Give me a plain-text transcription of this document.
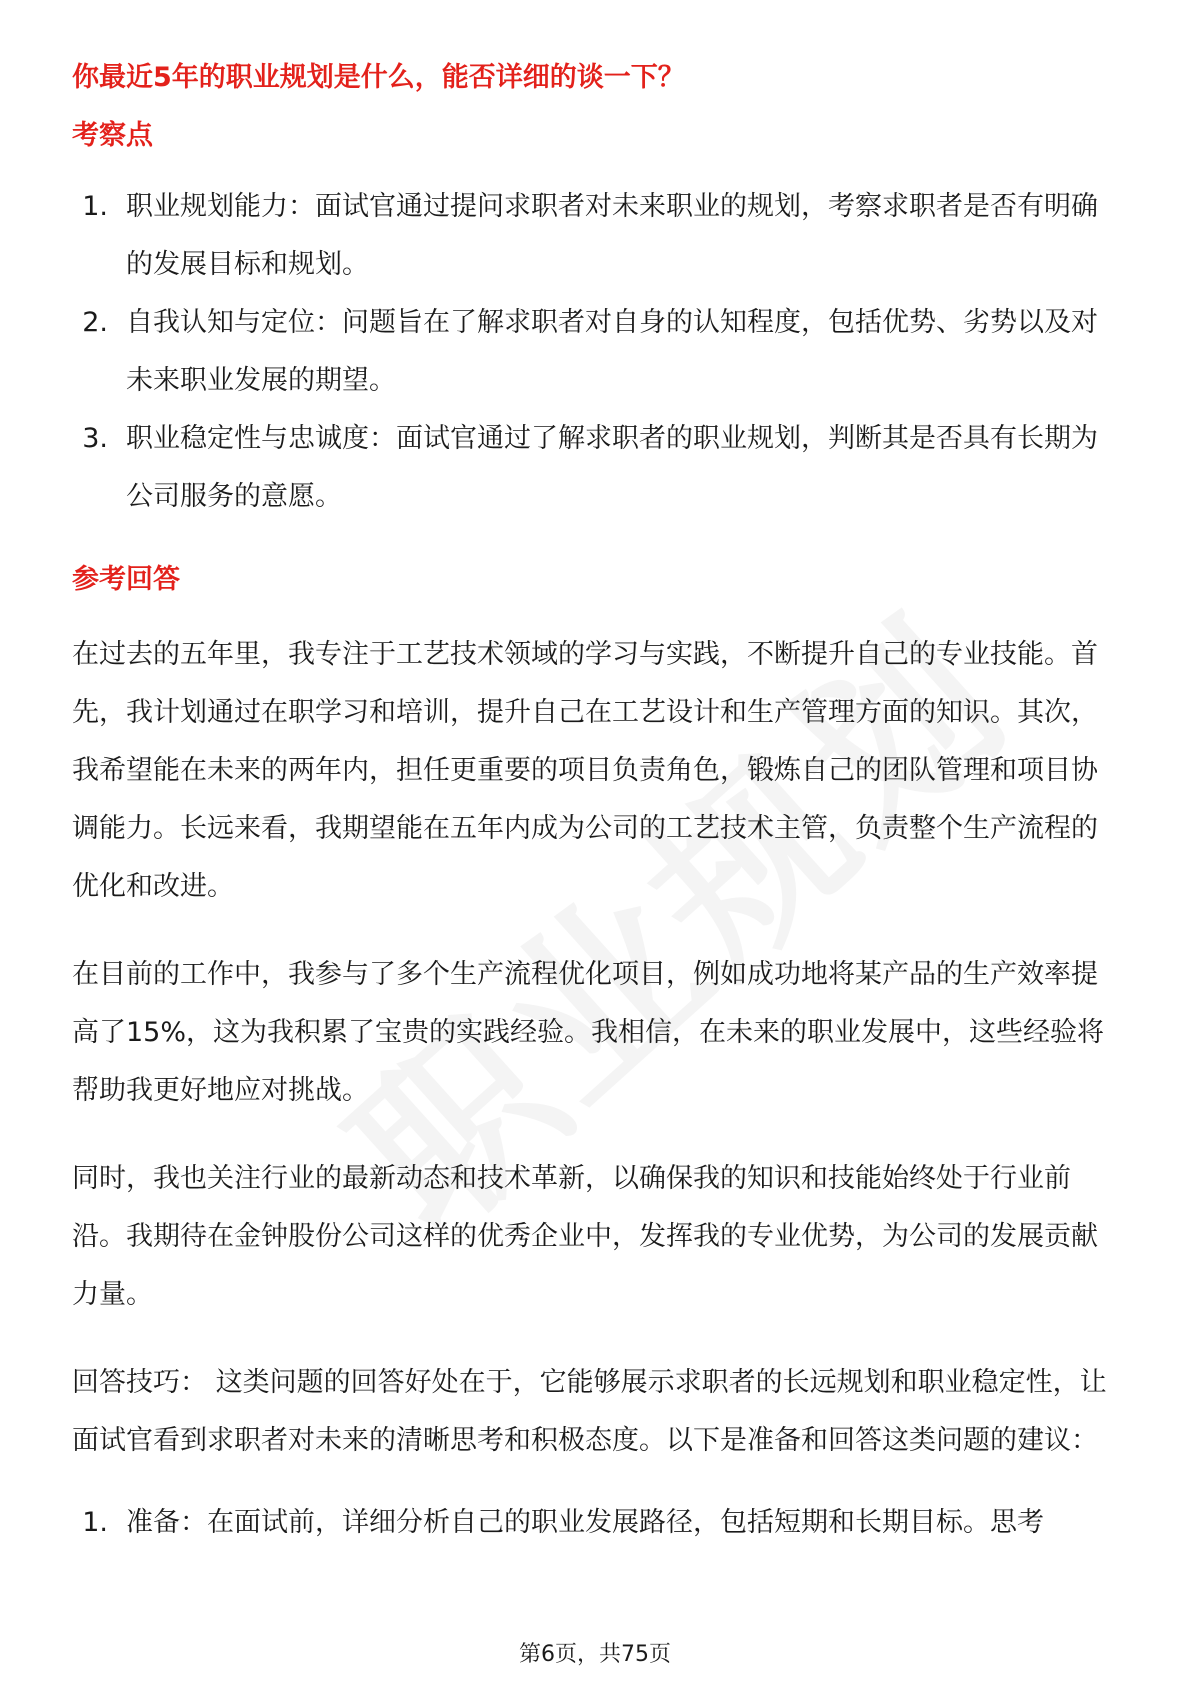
你最近5年的职业规划是什么，能否详细的谈一下？

考察点

1. 职业规划能力：面试官通过提问求职者对未来职业的规划，考察求职者是否有明确的发展目标和规划。
2. 自我认知与定位：问题旨在了解求职者对自身的认知程度，包括优势、劣势以及对未来职业发展的期望。
3. 职业稳定性与忠诚度：面试官通过了解求职者的职业规划，判断其是否具有长期为公司服务的意愿。

参考回答

在过去的五年里，我专注于工艺技术领域的学习与实践，不断提升自己的专业技能。首先，我计划通过在职学习和培训，提升自己在工艺设计和生产管理方面的知识。其次，我希望能在未来的两年内，担任更重要的项目负责角色，锻炼自己的团队管理和项目协调能力。长远来看，我期望能在五年内成为公司的工艺技术主管，负责整个生产流程的优化和改进。

在目前的工作中，我参与了多个生产流程优化项目，例如成功地将某产品的生产效率提高了15%，这为我积累了宝贵的实践经验。我相信，在未来的职业发展中，这些经验将帮助我更好地应对挑战。

同时，我也关注行业的最新动态和技术革新，以确保我的知识和技能始终处于行业前沿。我期待在金钟股份公司这样的优秀企业中，发挥我的专业优势，为公司的发展贡献力量。

回答技巧： 这类问题的回答好处在于，它能够展示求职者的长远规划和职业稳定性，让面试官看到求职者对未来的清晰思考和积极态度。以下是准备和回答这类问题的建议：

1. 准备：在面试前，详细分析自己的职业发展路径，包括短期和长期目标。思考
第6页，共75页
